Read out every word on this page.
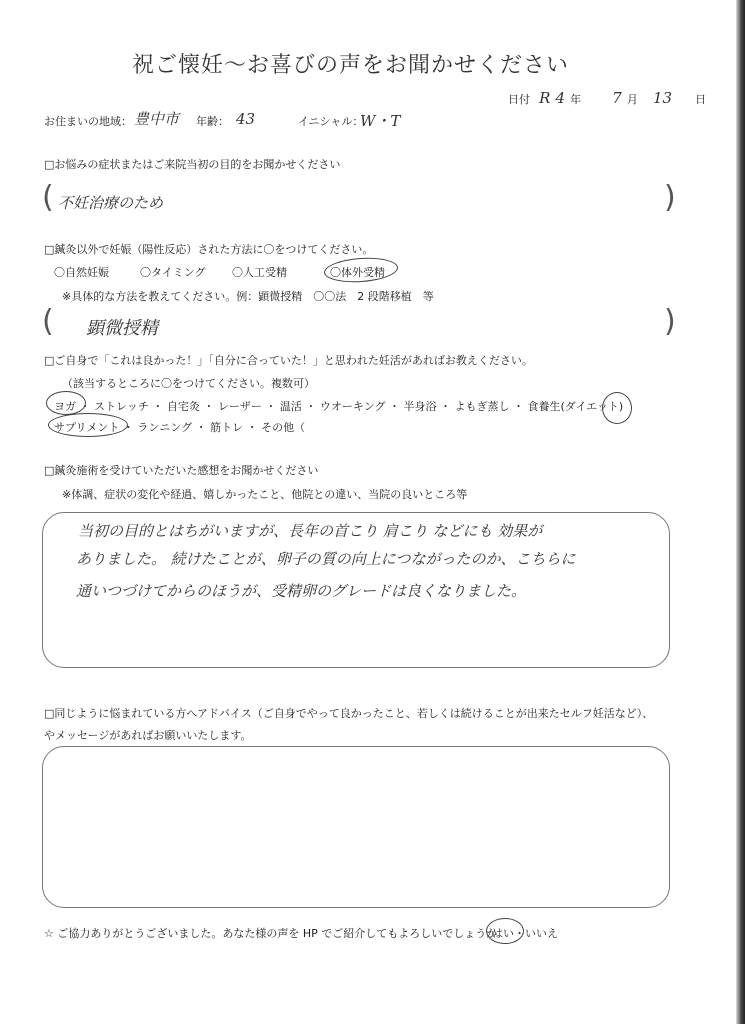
祝ご懐妊〜お喜びの声をお聞かせください
日付 R 4 年 7 月 13 日
お住まいの地域： 豊中市 年齢： 43	イニシャル：
W・T
□お悩みの症状またはご来院当初の目的をお聞かせください
( 不妊治療のため	)
□鍼灸以外で妊娠（陽性反応）された方法に〇をつけてください。
〇自然妊娠	〇タイミング 〇人工受精	〇体外受精
※具体的な方法を教えてください。例：顕微授精　〇〇法　2 段階移植　等
( 顕微授精	)
□ご自身で「これは良かった！」「自分に合っていた！」と思われた妊活があればお教えください。
（該当するところに〇をつけてください。複数可）
ヨガ ・ ストレッチ ・ 自宅灸 ・ レーザー ・ 温活 ・ ウオーキング ・ 半身浴 ・ よもぎ蒸し ・ 食養生(ダイエット)
サプリメント ・ ランニング ・ 筋トレ ・ その他（
□鍼灸施術を受けていただいた感想をお聞かせください
※体調、症状の変化や経過、嬉しかったこと、他院との違い、当院の良いところ等
当初の目的とはちがいますが、長年の首こり 肩こり などにも 効果が
ありました。 続けたことが、卵子の質の向上につながったのか、こちらに
通いつづけてからのほうが、受精卵のグレードは良くなりました。
□同じように悩まれている方へアドバイス（ご自身でやって良かったこと、若しくは続けることが出来たセルフ妊活など）、
やメッセージがあればお願いいたします。
☆ ご協力ありがとうございました。あなた様の声を HP でご紹介してもよろしいでしょうか
はい・いいえ
